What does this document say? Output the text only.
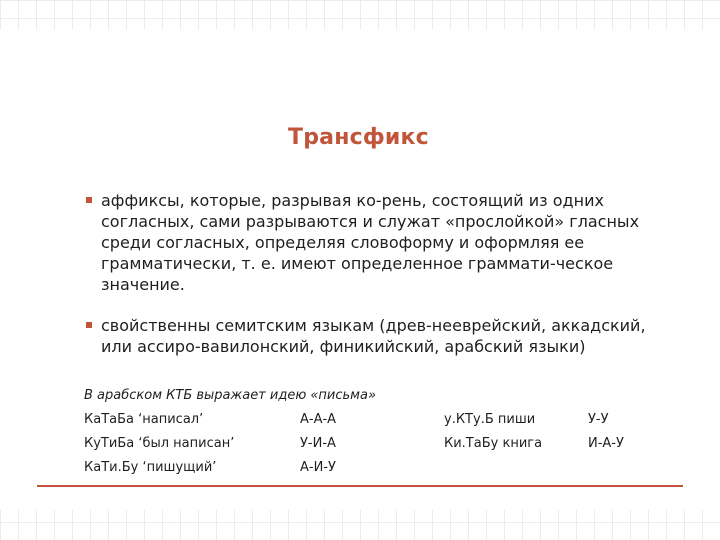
Трансфикс
аффиксы, которые, разрывая ко-рень, состоящий из одних согласных, сами разрываются и служат «прослойкой» гласных среди согласных, определяя словоформу и оформляя ее грамматически, т. е. имеют определенное граммати-ческое значение.
свойственны семитским языкам (древ-нееврейский, аккадский, или ассиро-вавилонский, финикийский, арабский языки)
В арабском КТБ выражает идею «письма»
КаТаБа ‘написал’	А-А-А	у.КТу.Б пиши	У-У
КуТиБа ‘был написан’	У-И-А	Ки.ТаБу книга	И-А-У
КаТи.Бу ‘пишущий’	А-И-У
